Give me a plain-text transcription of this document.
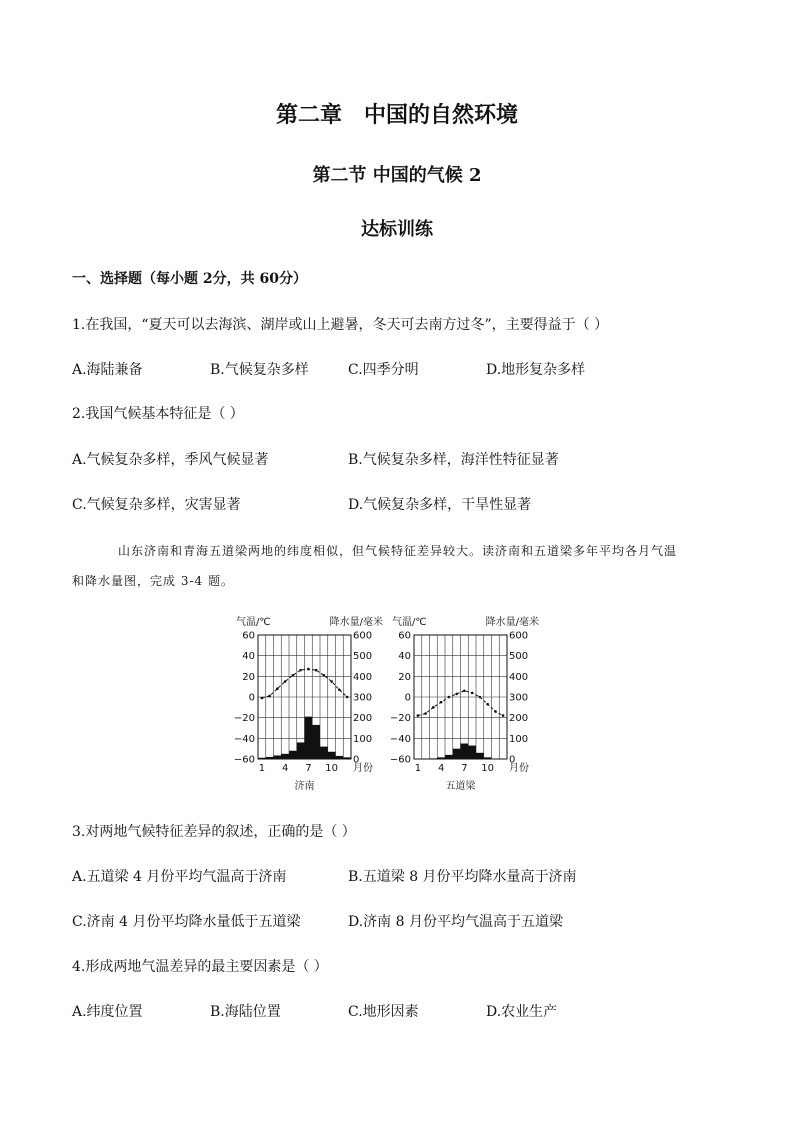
第二章 中国的自然环境
第二节 中国的气候 2
达标训练
一、选择题（每小题 2分，共 60分）
1.在我国，“夏天可以去海滨、湖岸或山上避暑，冬天可去南方过冬”，主要得益于（ ）
A.海陆兼备	B.气候复杂多样	C.四季分明	D.地形复杂多样
2.我国气候基本特征是（ ）
A.气候复杂多样，季风气候显著	B.气候复杂多样，海洋性特征显著
C.气候复杂多样，灾害显著	D.气候复杂多样，干旱性显著
山东济南和青海五道梁两地的纬度相似，但气候特征差异较大。读济南和五道梁多年平均各月气温
和降水量图，完成 3-4 题。
60
40
20
0
−20
−40
−60
600
500
400
300
200
100
0
气温/℃	降水量/毫米
1 4 7 10 月份
济南
60
40
20
0
−20
−40
−60
600
500
400
300
200
100
0
气温/℃	降水量/毫米
1 4 7 10 月份
五道梁
3.对两地气候特征差异的叙述，正确的是（ ）
A.五道梁 4 月份平均气温高于济南	B.五道梁 8 月份平均降水量高于济南
C.济南 4 月份平均降水量低于五道梁	D.济南 8 月份平均气温高于五道梁
4.形成两地气温差异的最主要因素是（ ）
A.纬度位置	B.海陆位置	C.地形因素	D.农业生产
